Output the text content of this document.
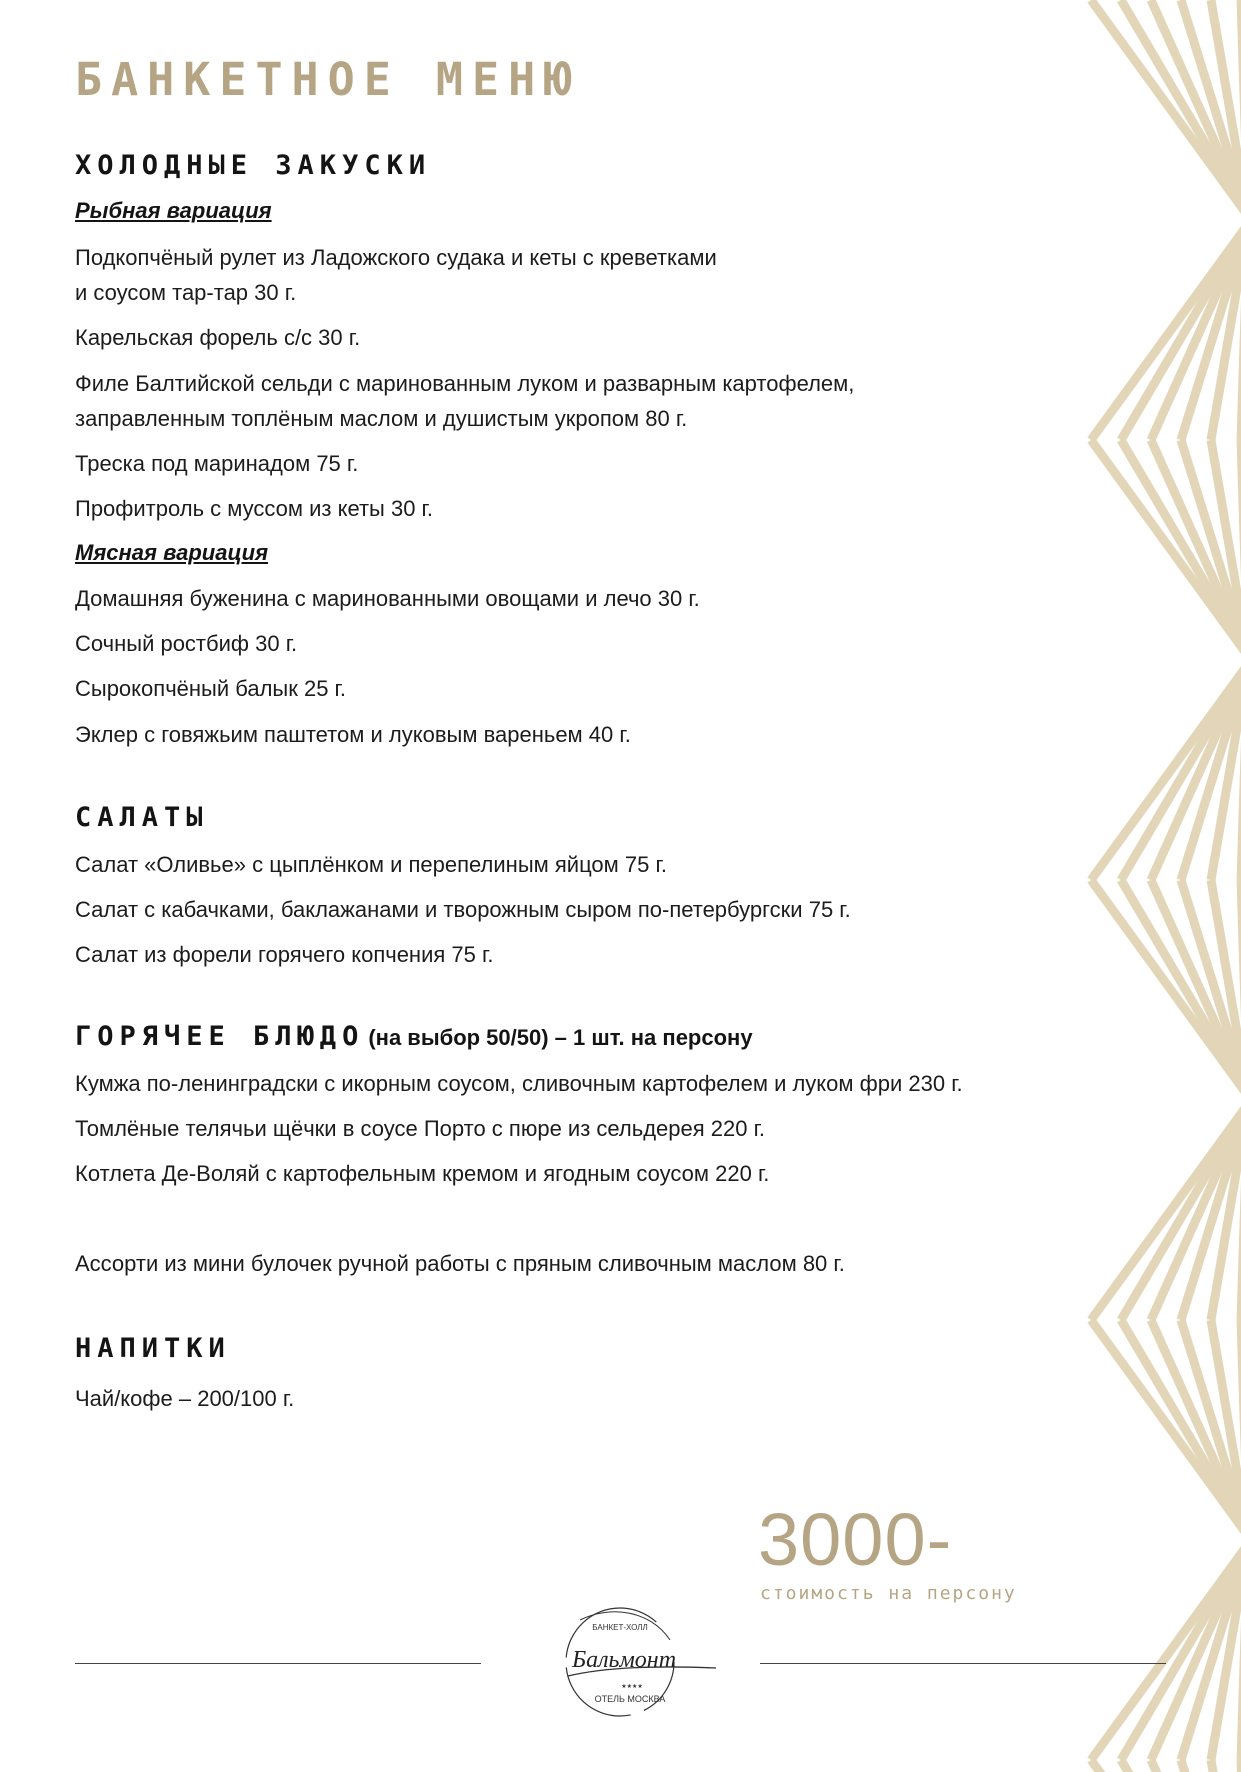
БАНКЕТНОЕ МЕНЮ
ХОЛОДНЫЕ ЗАКУСКИ

Рыбная вариация

Подкопчёный рулет из Ладожского судака и кеты с креветками

и соусом тар-тар 30 г.

Карельская форель с/с 30 г.

Филе Балтийской сельди с маринованным луком и разварным картофелем,

заправленным топлёным маслом и душистым укропом 80 г.

Треска под маринадом 75 г.

Профитроль с муссом из кеты 30 г.

Мясная вариация

Домашняя буженина с маринованными овощами и лечо 30 г.

Сочный ростбиф 30 г.

Сырокопчёный балык 25 г.

Эклер с говяжьим паштетом и луковым вареньем 40 г.

САЛАТЫ

Салат «Оливье» с цыплёнком и перепелиным яйцом 75 г.

Салат с кабачками, баклажанами и творожным сыром по-петербургски 75 г.

Салат из форели горячего копчения 75 г.

ГОРЯЧЕЕ БЛЮДО (на выбор 50/50) – 1 шт. на персону

Кумжа по-ленинградски с икорным соусом, сливочным картофелем и луком фри 230 г.

Томлёные телячьи щёчки в соусе Порто с пюре из сельдерея 220 г.

Котлета Де-Воляй с картофельным кремом и ягодным соусом 220 г.

Ассорти из мини булочек ручной работы с пряным сливочным маслом 80 г.

НАПИТКИ

Чай/кофе – 200/100 г.

3000-

стоимость на персону

БАНКЕТ-ХОЛЛ
Бальмонт
ОТЕЛЬ МОСКВА
★★★★
